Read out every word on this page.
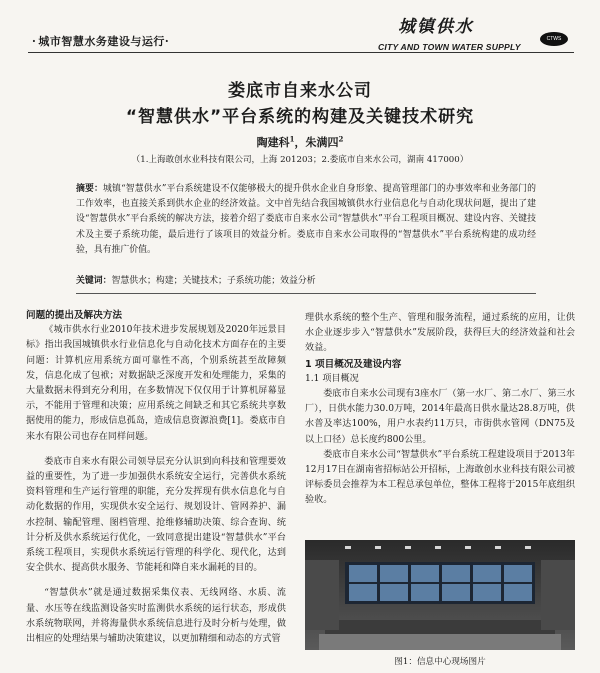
· 城市智慧水务建设与运行·
城镇供水
CTWS
CITY AND TOWN WATER SUPPLY
娄底市自来水公司
“智慧供水”平台系统的构建及关键技术研究
陶建科$^1$，朱满四$^2$
（1.上海敢创水业科技有限公司，上海 201203；2.娄底市自来水公司，湖南 417000）
摘要：城镇“智慧供水”平台系统建设不仅能够极大的提升供水企业自身形象、提高管理部门的办事效率和业务部门的工作效率，也直接关系到供水企业的经济效益。文中首先结合我国城镇供水行业信息化与自动化现状问题，提出了建设“智慧供水”平台系统的解决方法，接着介绍了娄底市自来水公司“智慧供水”平台工程项目概况、建设内容、关键技术及主要子系统功能，最后进行了该项目的效益分析。娄底市自来水公司取得的“智慧供水”平台系统构建的成功经验，具有推广价值。
关键词：智慧供水；构建；关键技术；子系统功能；效益分析
问题的提出及解决方法

《城市供水行业2010年技术进步发展规划及2020年远景目标》指出我国城镇供水行业信息化与自动化技术方面存在的主要问题：计算机应用系统方面可靠性不高，个别系统甚至故障频发，信息化成了包袱；对数据缺乏深度开发和处理能力，采集的大量数据未得到充分利用，在多数情况下仅仅用于计算机屏幕显示，不能用于管理和决策；应用系统之间缺乏和其它系统共享数据使用的能力，形成信息孤岛，造成信息资源浪费[1]。娄底市自来水有限公司也存在同样问题。

娄底市自来水有限公司领导层充分认识到向科技和管理要效益的重要性，为了进一步加强供水系统安全运行，完善供水系统资料管理和生产运行管理的职能，充分发挥现有供水信息化与自动化数据的作用，实现供水安全运行、规划设计、管网养护、漏水控制、输配管理、图档管理、抢维修辅助决策、综合查询、统计分析及供水系统运行优化，一致同意提出建设“智慧供水”平台系统工程项目，实现供水系统运行管理的科学化、现代化，达到安全供水、提高供水服务、节能耗和降自来水漏耗的目的。

“智慧供水”就是通过数据采集仪表、无线网络、水质、流量、水压等在线监测设备实时监测供水系统的运行状态，形成供水系统物联网，并将海量供水系统信息进行及时分析与处理，做出相应的处理结果与辅助决策建议，以更加精细和动态的方式管

理供水系统的整个生产、管理和服务流程，通过系统的应用，让供水企业逐步步入“智慧供水”发展阶段，获得巨大的经济效益和社会效益。

1 项目概况及建设内容
1.1 项目概况

娄底市自来水公司现有3座水厂（第一水厂、第二水厂、第三水厂），日供水能力30.0万吨，2014年最高日供水量达28.8万吨，供水普及率达100%，用户水表约11万只，市街供水管网（DN75及以上口径）总长度约800公里。

娄底市自来水公司“智慧供水”平台系统工程建设项目于2013年12月17日在湖南省招标站公开招标，上海敢创水业科技有限公司被评标委员会推荐为本工程总承包单位，整体工程将于2015年底组织验收。

图1：信息中心现场图片
